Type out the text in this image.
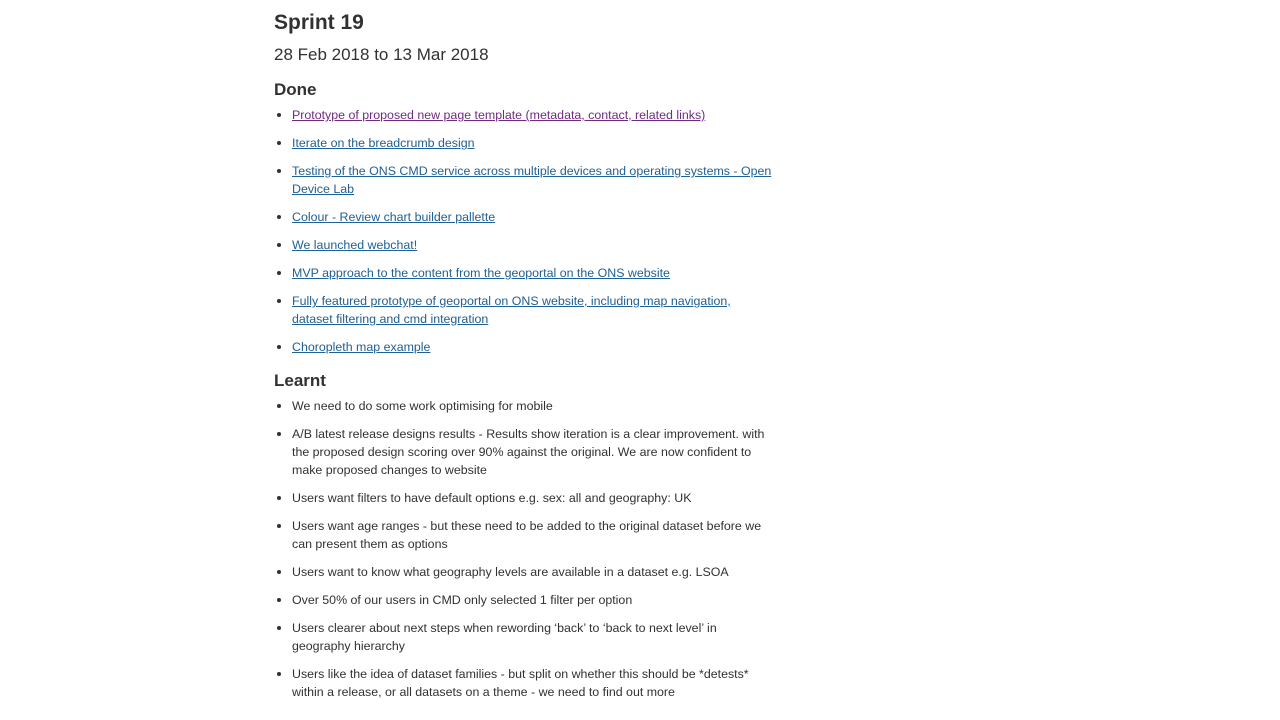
Sprint 19
28 Feb 2018 to 13 Mar 2018
Done
Prototype of proposed new page template (metadata, contact, related links)
Iterate on the breadcrumb design
Testing of the ONS CMD service across multiple devices and operating systems - Open Device Lab
Colour - Review chart builder pallette
We launched webchat!
MVP approach to the content from the geoportal on the ONS website
Fully featured prototype of geoportal on ONS website, including map navigation, dataset filtering and cmd integration
Choropleth map example
Learnt
We need to do some work optimising for mobile
A/B latest release designs results - Results show iteration is a clear improvement. with the proposed design scoring over 90% against the original. We are now confident to make proposed changes to website
Users want filters to have default options e.g. sex: all and geography: UK
Users want age ranges - but these need to be added to the original dataset before we can present them as options
Users want to know what geography levels are available in a dataset e.g. LSOA
Over 50% of our users in CMD only selected 1 filter per option
Users clearer about next steps when rewording ‘back’ to ‘back to next level’ in geography hierarchy
Users like the idea of dataset families - but split on whether this should be *detests* within a release, or all datasets on a theme - we need to find out more
